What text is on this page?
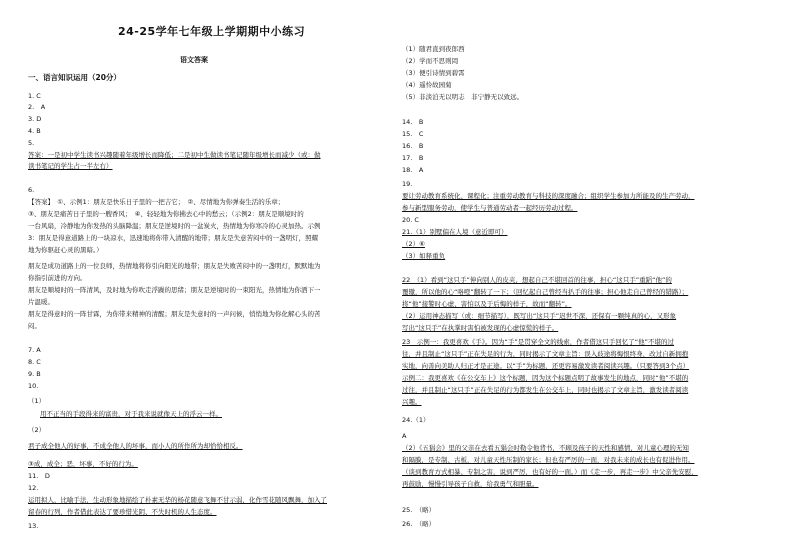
24-25学年七年级上学期期中小练习
语文答案
一、语言知识运用（20分）
1. C
2.　A
3. D
4. B
5.
答案：一是初中学生读书兴趣随着年级增长而降低；二是初中生做读书笔记随年级增长而减少（或：做
读书笔记的学生占一半左右）
6.
【答案】　①、示例1：朋友是快乐日子里的一把吉它；　②、尽情地为你弹奏生活的乐章；
③、朋友是痛苦日子里的一艘香风；　④、轻轻地为你拂去心中的愁云；（示例2：朋友是顺境时的
一台风扇，冷静地为你发热的头脑降温；朋友是逆境时的一盆炭火，热情地为你寒冷的心灵加热。示例
3：朋友是得意道路上的一块凉水，迅速地将你带入清醒的地带；朋友是失意苦闷中的一盏明灯，照耀
地为你驱赶心灵的黑暗。）
朋友是成功道路上的一位良师，热情地将你引向阳光的地带；朋友是失败苦闷中的一盏明灯，默默地为
你指引前进的方向。
朋友是顺境时的一阵清风，及时地为你吹走浮躁的思绪；朋友是逆境时的一束阳光，热情地为你洒下一
片温暖。
朋友是得意时的一阵甘霖，为你带来精神的清醒；朋友是失意时的一声问候，悄悄地为你化解心头的苦
闷。
7. A
8. C
9. B
10.
（1）
用不正当的手段得来的富贵，对于我来说就像天上的浮云一样。
（2）
君子成全他人的好事，不成全他人的坏事，而小人的所作所为却恰恰相反。
③成，成全；恶，坏事，不好的行为。
11.　D
12.
运用拟人，比喻手法，生动形象地描绘了朴素无华的杨花随意飞舞不甘示弱，化作雪花随风飘舞，加入了
留春的行列，作者借此表达了要珍惜光阴、不失时机的人生态度。
13.
（1）随君直到夜郎西
（2）学而不思则罔
（3）便引诗情到碧霄
（4）遥怜故园菊
（5）非淡泊无以明志　非宁静无以致远。
14.　B
15.　C
16.　B
17.　B
18.　A
19.
要让劳动教育系统化、课程化；注重劳动教育与科技的深度融合；组织学生参加力所能及的生产劳动，
参与新型服务劳动，使学生与普通劳动者一起经历劳动过程。
20. C
21.（1）别墅偏在人境（意近即可）
（2）⑥
（3）如释重负
22　（1）看到“这只手”伸向别人的皮夹，想起自己不堪回首的往事，担心“这只手”重蹈“他”的
覆辙，所以他的心“咯噔”翻转了一下；（回忆起自己曾经当扒手的往事；担心他走自己曾经的错路）；
将“他”接警时心虚、害怕以及于后悔的样子，故而“翻转”。
（2）运用神态描写（或：细节描写），既写出“这只手”迟世不深，还保有一颗纯真的心，又形象
写出“这只手”在执掌时害怕被发现的心虚惊慌的样子。
23　示例一：我更喜欢《手》。因为“手”是贯穿全文的线索，作者借这只手回忆了“他”不堪的过
往，并且制止“这只手”正在失足的行为，同时揭示了文章主旨：误入歧途将悔恨终身，改过自新拥抱
实地，向善向美助人归正才是正途。以“手”为标题，还更容易激发读者阅读兴趣。（只要答到3个点）
示例二：我更喜欢《在公交车上》这个标题，因为这个标题点明了故事发生的地点，同时“他”不堪的
过往，并且制止“这只手”正在失足的行为都发生在公交车上，同时也揭示了文章主旨，激发读者阅读
兴趣。
24.（1）
A
（2）《五猖会》里的父亲在去看五猖会时勒令他背书，不顾及孩子的天性和感情，对儿童心理的无知
和隔膜，是专制、古板，对儿童天性压制的家长；但也有严厉的一面，对我未来的成长也有促进作用。
（谈到教育方式相暴、专制之害，说到严厉，也有好的一面。）而《走一步，再走一步》中父亲先安慰，
再鼓励，慢慢引导孩子自救，给我勇气和胆量。
25.　（略）
26.　（略）
